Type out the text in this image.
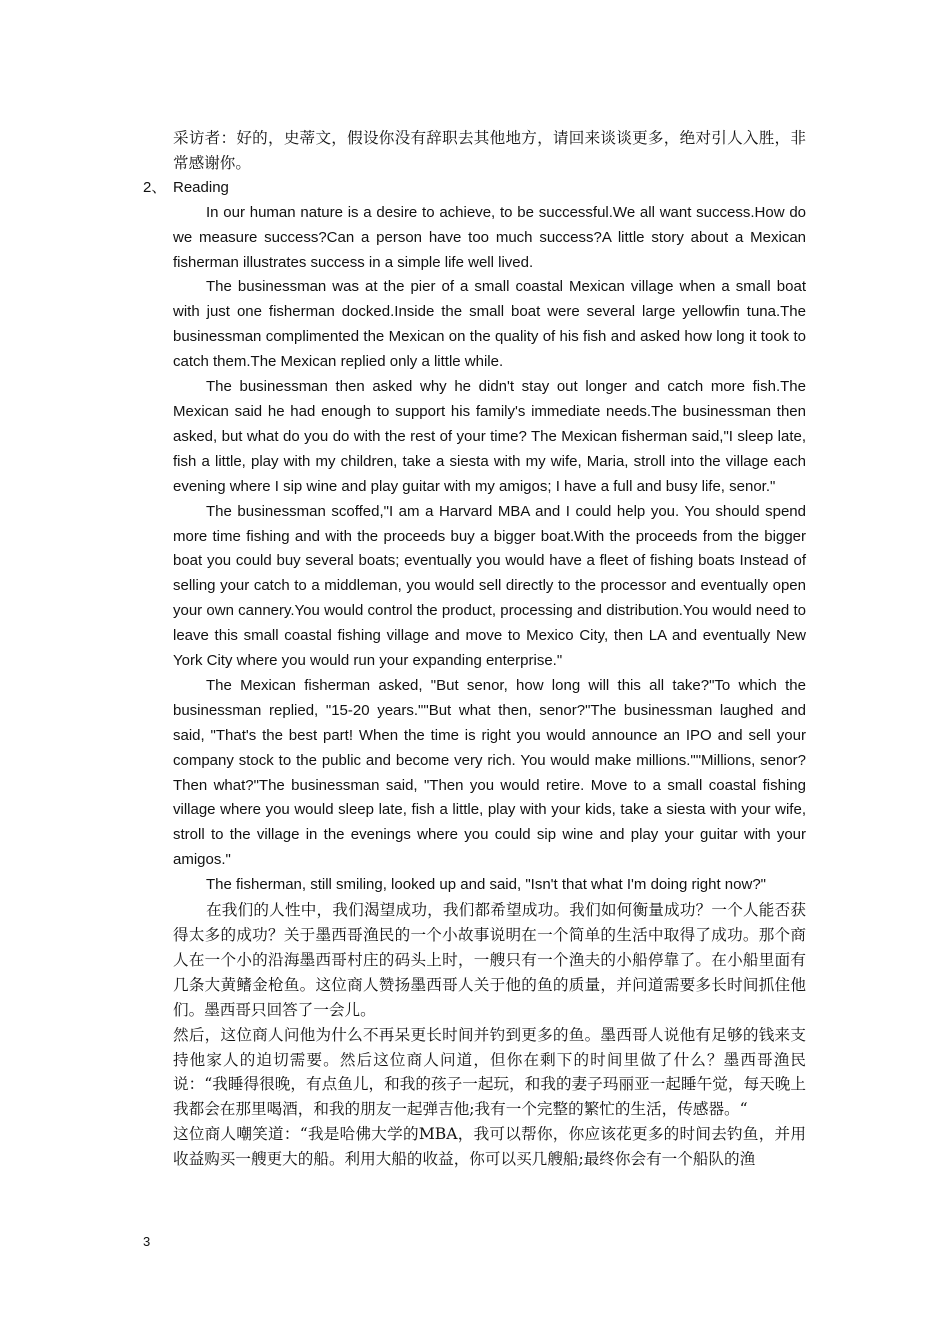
采访者：好的，史蒂文，假设你没有辞职去其他地方，请回来谈谈更多，绝对引人入胜，非常感谢你。

2、 Reading

In our human nature is a desire to achieve, to be successful.We all want success.How do we measure success?Can a person have too much success?A little story about a Mexican fisherman illustrates success in a simple life well lived.

The businessman was at the pier of a small coastal Mexican village when a small boat with just one fisherman docked.Inside the small boat were several large yellowfin tuna.The businessman complimented the Mexican on the quality of his fish and asked how long it took to catch them.The Mexican replied only a little while.

The businessman then asked why he didn't stay out longer and catch more fish.The Mexican said he had enough to support his family's immediate needs.The businessman then asked, but what do you do with the rest of your time? The Mexican fisherman said,"I sleep late, fish a little, play with my children, take a siesta with my wife, Maria, stroll into the village each evening where I sip wine and play guitar with my amigos; I have a full and busy life, senor."

The businessman scoffed,"I am a Harvard MBA and I could help you. You should spend more time fishing and with the proceeds buy a bigger boat.With the proceeds from the bigger boat you could buy several boats; eventually you would have a fleet of fishing boats Instead of selling your catch to a middleman, you would sell directly to the processor and eventually open your own cannery.You would control the product, processing and distribution.You would need to leave this small coastal fishing village and move to Mexico City, then LA and eventually New York City where you would run your expanding enterprise."

The Mexican fisherman asked, "But senor, how long will this all take?"To which the businessman replied, "15-20 years.""But what then, senor?"The businessman laughed and said, "That's the best part! When the time is right you would announce an IPO and sell your company stock to the public and become very rich. You would make millions.""Millions, senor? Then what?"The businessman said, "Then you would retire. Move to a small coastal fishing village where you would sleep late, fish a little, play with your kids, take a siesta with your wife, stroll to the village in the evenings where you could sip wine and play your guitar with your amigos."

The fisherman, still smiling, looked up and said, "Isn't that what I'm doing right now?"

在我们的人性中，我们渴望成功，我们都希望成功。我们如何衡量成功？一个人能否获得太多的成功？关于墨西哥渔民的一个小故事说明在一个简单的生活中取得了成功。那个商人在一个小的沿海墨西哥村庄的码头上时，一艘只有一个渔夫的小船停靠了。在小船里面有几条大黄鳍金枪鱼。这位商人赞扬墨西哥人关于他的鱼的质量，并问道需要多长时间抓住他们。墨西哥只回答了一会儿。

然后，这位商人问他为什么不再呆更长时间并钓到更多的鱼。墨西哥人说他有足够的钱来支持他家人的迫切需要。然后这位商人问道，但你在剩下的时间里做了什么？墨西哥渔民说：“我睡得很晚，有点鱼儿，和我的孩子一起玩，和我的妻子玛丽亚一起睡午觉，每天晚上我都会在那里喝酒，和我的朋友一起弹吉他;我有一个完整的繁忙的生活，传感器。“

这位商人嘲笑道：“我是哈佛大学的MBA，我可以帮你，你应该花更多的时间去钓鱼，并用收益购买一艘更大的船。利用大船的收益，你可以买几艘船;最终你会有一个船队的渔

3
